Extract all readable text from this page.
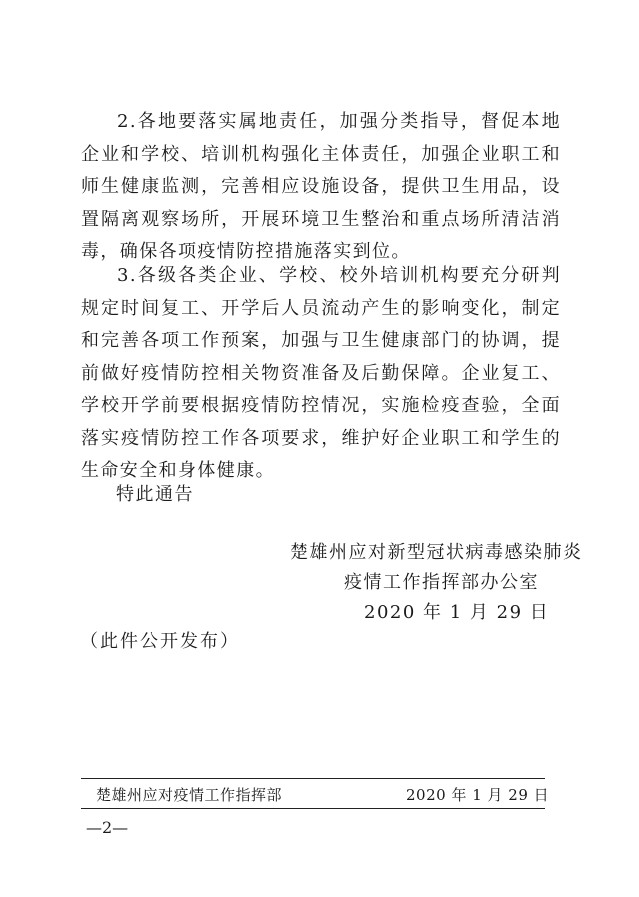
2.各地要落实属地责任，加强分类指导，督促本地企业和学校、培训机构强化主体责任，加强企业职工和师生健康监测，完善相应设施设备，提供卫生用品，设置隔离观察场所，开展环境卫生整治和重点场所清洁消毒，确保各项疫情防控措施落实到位。

3.各级各类企业、学校、校外培训机构要充分研判规定时间复工、开学后人员流动产生的影响变化，制定和完善各项工作预案，加强与卫生健康部门的协调，提前做好疫情防控相关物资准备及后勤保障。企业复工、学校开学前要根据疫情防控情况，实施检疫查验，全面落实疫情防控工作各项要求，维护好企业职工和学生的生命安全和身体健康。

特此通告
楚雄州应对新型冠状病毒感染肺炎
疫情工作指挥部办公室
2020 年 1 月 29 日
（此件公开发布）
楚雄州应对疫情工作指挥部	2020 年 1 月 29 日
—2—
